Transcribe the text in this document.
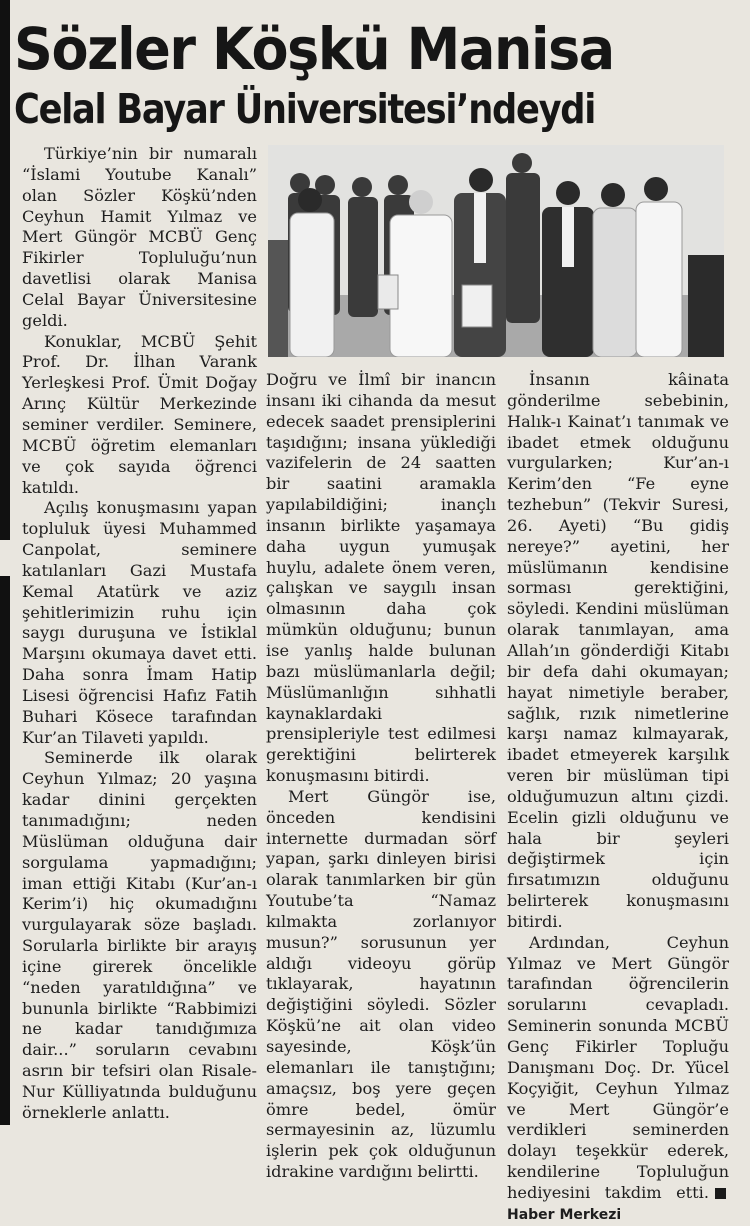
Sözler Köşkü Manisa
Celal Bayar Üniversitesi’ndeydi

Türkiye’nin bir numaralı “İslami Youtube Kanalı” olan Sözler Köşkü’nden Ceyhun Hamit Yılmaz ve Mert Güngör MCBÜ Genç Fikirler Topluluğu’nun davetlisi olarak Manisa Celal Bayar Üniversitesine geldi.

Konuklar, MCBÜ Şehit Prof. Dr. İlhan Varank Yerleşkesi Prof. Ümit Doğay Arınç Kültür Merkezinde seminer verdiler. Seminere, MCBÜ öğretim elemanları ve çok sayıda öğrenci katıldı.

Açılış konuşmasını yapan topluluk üyesi Muhammed Canpolat, seminere katılanları Gazi Mustafa Kemal Atatürk ve aziz şehitlerimizin ruhu için saygı duruşuna ve İstiklal Marşını okumaya davet etti. Daha sonra İmam Hatip Lisesi öğrencisi Hafız Fatih Buhari Kösece tarafından Kur’an Tilaveti yapıldı.

Seminerde ilk olarak Ceyhun Yılmaz; 20 yaşına kadar dinini gerçekten tanımadığını; neden Müslüman olduğuna dair sorgulama yapmadığını; iman ettiği Kitabı (Kur’an-ı Kerim’i) hiç okumadığını vurgulayarak söze başladı. Sorularla birlikte bir arayış içine girerek öncelikle “neden yaratıldığına” ve bununla birlikte “Rabbimizi ne kadar tanıdığımıza dair...” soruların cevabını asrın bir tefsiri olan Risale-Nur Külliyatında bulduğunu örneklerle anlattı.

Doğru ve İlmî bir inancın insanı iki cihanda da mesut edecek saadet prensiplerini taşıdığını; insana yüklediği vazifelerin de 24 saatten bir saatini aramakla yapılabildiğini; inançlı insanın birlikte yaşamaya daha uygun yumuşak huylu, adalete önem veren, çalışkan ve saygılı insan olmasının daha çok mümkün olduğunu; bunun ise yanlış halde bulunan bazı müslümanlarla değil; Müslümanlığın sıhhatli kaynaklardaki prensipleriyle test edilmesi gerektiğini belirterek konuşmasını bitirdi.

Mert Güngör ise, önceden kendisini internette durmadan sörf yapan, şarkı dinleyen birisi olarak tanımlarken bir gün Youtube’ta “Namaz kılmakta zorlanıyor musun?” sorusunun yer aldığı videoyu görüp tıklayarak, hayatının değiştiğini söyledi. Sözler Köşkü’ne ait olan video sayesinde, Köşk’ün elemanları ile tanıştığını; amaçsız, boş yere geçen ömre bedel, ömür sermayesinin az, lüzumlu işlerin pek çok olduğunun idrakine vardığını belirtti.

İnsanın kâinata gönderilme sebebinin, Halık-ı Kainat’ı tanımak ve ibadet etmek olduğunu vurgularken; Kur’an-ı Kerim’den “Fe eyne tezhebun” (Tekvir Suresi, 26. Ayeti) “Bu gidiş nereye?” ayetini, her müslümanın kendisine sorması gerektiğini, söyledi. Kendini müslüman olarak tanımlayan, ama Allah’ın gönderdiği Kitabı bir defa dahi okumayan; hayat nimetiyle beraber, sağlık, rızık nimetlerine karşı namaz kılmayarak, ibadet etmeyerek karşılık veren bir müslüman tipi olduğumuzun altını çizdi. Ecelin gizli olduğunu ve hala bir şeyleri değiştirmek için fırsatımızın olduğunu belirterek konuşmasını bitirdi.

Ardından, Ceyhun Yılmaz ve Mert Güngör tarafından öğrencilerin sorularını cevapladı. Seminerin sonunda MCBÜ Genç Fikirler Topluğu Danışmanı Doç. Dr. Yücel Koçyiğit, Ceyhun Yılmaz ve Mert Güngör’e verdikleri seminerden dolayı teşekkür ederek, kendilerine Topluluğun hediyesini takdim etti.Haber Merkezi
